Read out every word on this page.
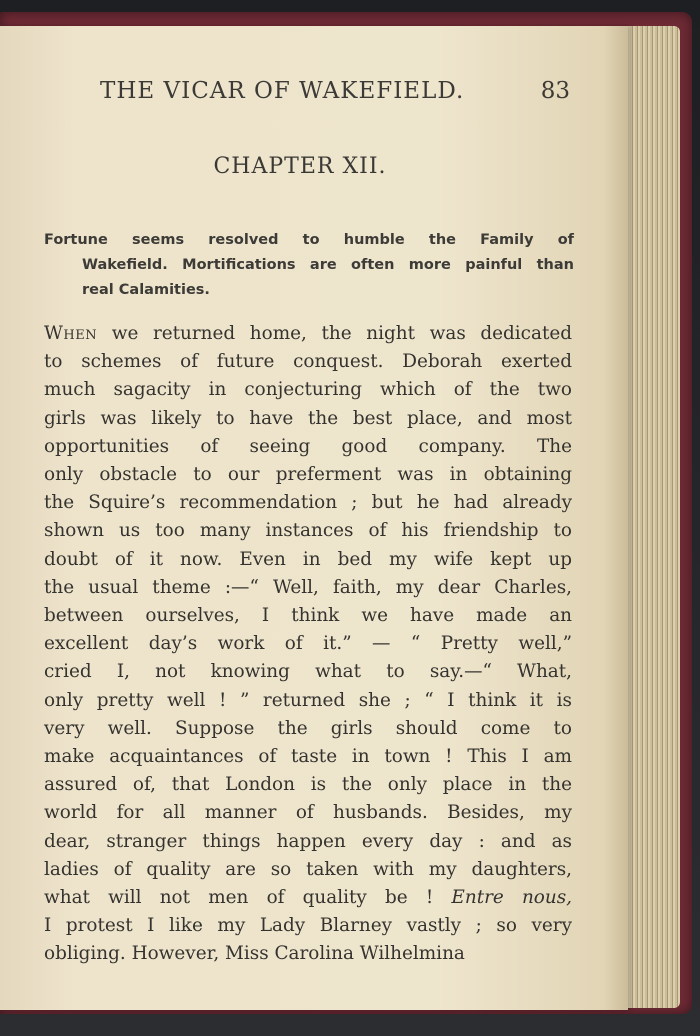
THE VICAR OF WAKEFIELD.	83
CHAPTER XII.
Fortune seems resolved to humble the Family of
Wakefield. Mortifications are often more painful than
real Calamities.
When we returned home, the night was dedicated
to schemes of future conquest. Deborah exerted
much sagacity in conjecturing which of the two
girls was likely to have the best place, and most
opportunities of seeing good company. The
only obstacle to our preferment was in obtaining
the Squire’s recommendation ; but he had already
shown us too many instances of his friendship to
doubt of it now. Even in bed my wife kept up
the usual theme :—“ Well, faith, my dear Charles,
between ourselves, I think we have made an
excellent day’s work of it.” — “ Pretty well,”
cried I, not knowing what to say.—“ What,
only pretty well ! ” returned she ; “ I think it is
very well. Suppose the girls should come to
make acquaintances of taste in town ! This I am
assured of, that London is the only place in the
world for all manner of husbands. Besides, my
dear, stranger things happen every day : and as
ladies of quality are so taken with my daughters,
what will not men of quality be ! Entre nous,
I protest I like my Lady Blarney vastly ; so very
obliging. However, Miss Carolina Wilhelmina
